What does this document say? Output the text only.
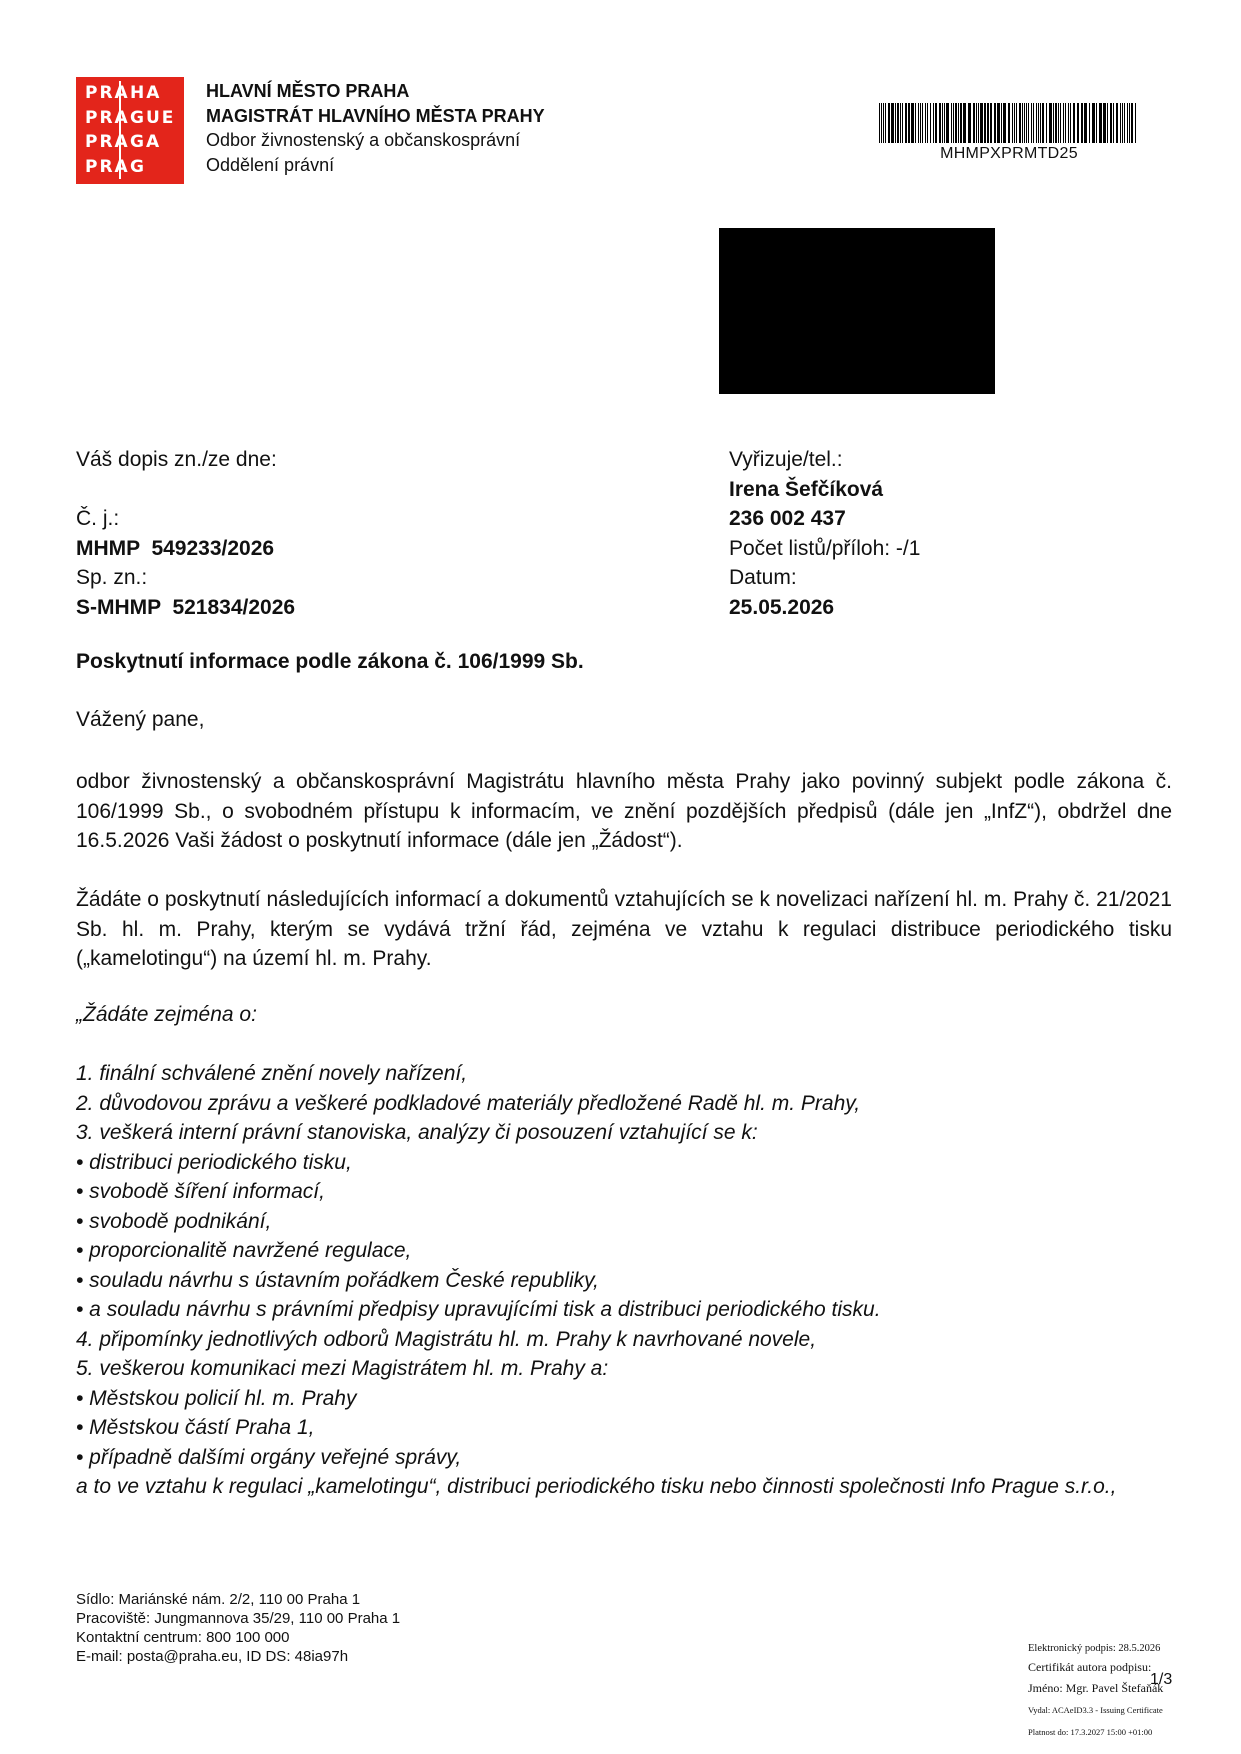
PRA HA
PRA GUE
PRA GA
PRA G
HLAVNÍ MĚSTO PRAHA
MAGISTRÁT HLAVNÍHO MĚSTA PRAHY
Odbor živnostenský a občanskosprávní
Oddělení právní
MHMPXPRMTD25
Váš dopis zn./ze dne:
Č. j.:
MHMP  549233/2026
Sp. zn.:
S-MHMP  521834/2026
Vyřizuje/tel.:
Irena Šefčíková
236 002 437
Počet listů/příloh: -/1
Datum:
25.05.2026
Poskytnutí informace podle zákona č. 106/1999 Sb.
Vážený pane,
odbor živnostenský a občanskosprávní Magistrátu hlavního města Prahy jako povinný subjekt podle zákona č. 106/1999 Sb., o svobodném přístupu k informacím, ve znění pozdějších předpisů (dále jen „InfZ“), obdržel dne 16.5.2026 Vaši žádost o poskytnutí informace (dále jen „Žádost“).
Žádáte o poskytnutí následujících informací a dokumentů vztahujících se k novelizaci nařízení hl. m. Prahy č. 21/2021 Sb. hl. m. Prahy, kterým se vydává tržní řád, zejména ve vztahu k regulaci distribuce periodického tisku („kamelotingu“) na území hl. m. Prahy.
„Žádáte zejména o:
1. finální schválené znění novely nařízení,
2. důvodovou zprávu a veškeré podkladové materiály předložené Radě hl. m. Prahy,
3. veškerá interní právní stanoviska, analýzy či posouzení vztahující se k:
• distribuci periodického tisku,
• svobodě šíření informací,
• svobodě podnikání,
• proporcionalitě navržené regulace,
• souladu návrhu s ústavním pořádkem České republiky,
• a souladu návrhu s právními předpisy upravujícími tisk a distribuci periodického tisku.
4. připomínky jednotlivých odborů Magistrátu hl. m. Prahy k navrhované novele,
5. veškerou komunikaci mezi Magistrátem hl. m. Prahy a:
• Městskou policií hl. m. Prahy
• Městskou částí Praha 1,
• případně dalšími orgány veřejné správy,
a to ve vztahu k regulaci „kamelotingu“, distribuci periodického tisku nebo činnosti společnosti Info Prague s.r.o.,
Sídlo: Mariánské nám. 2/2, 110 00 Praha 1
Pracoviště: Jungmannova 35/29, 110 00 Praha 1
Kontaktní centrum: 800 100 000
E-mail: posta@praha.eu, ID DS: 48ia97h	Elektronický podpis: 28.5.2026
Certifikát autora podpisu:
Jméno: Mgr. Pavel Štefaňák
Vydal: ACAeID3.3 - Issuing Certificate
Platnost do: 17.3.2027 15:00 +01:00
1/3
